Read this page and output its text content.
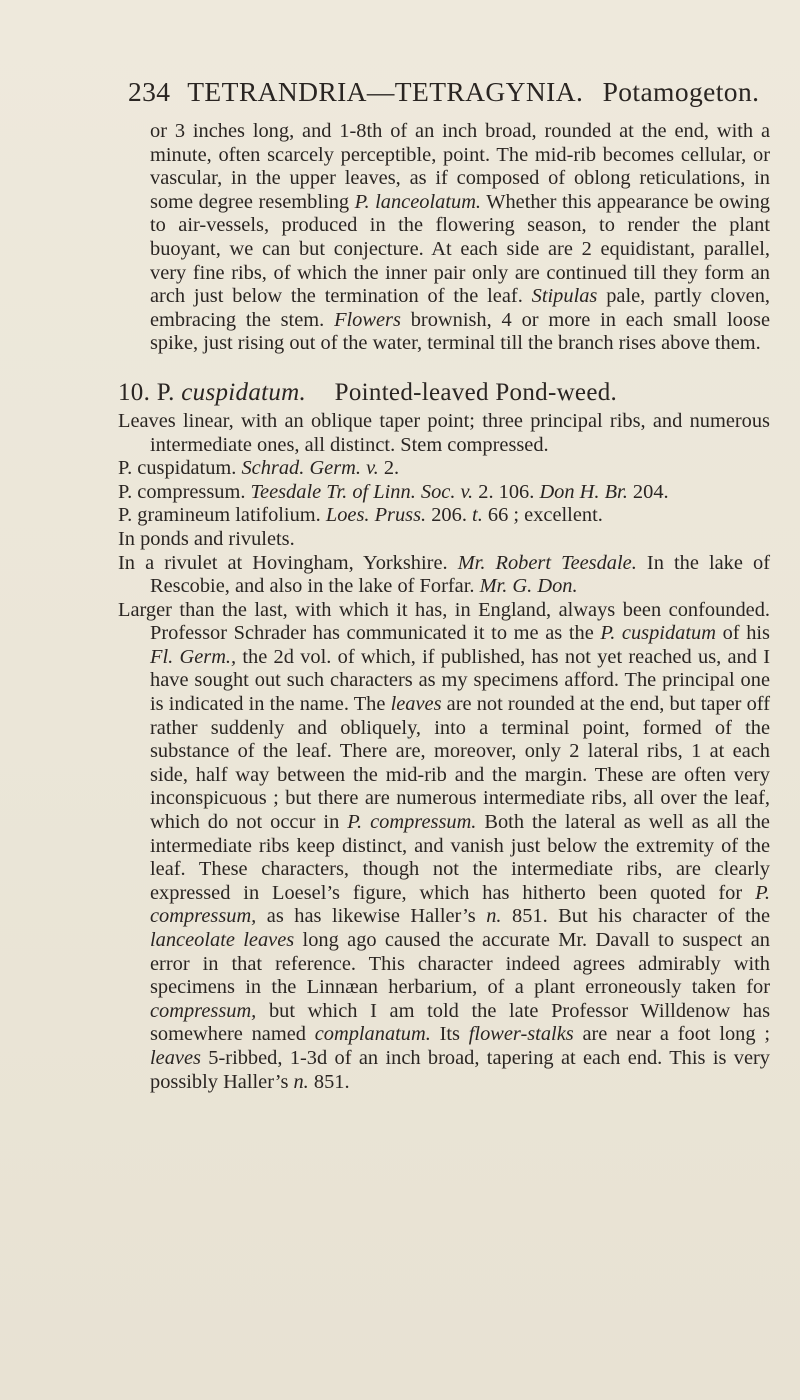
234 TETRANDRIA—TETRAGYNIA. Potamogeton.

or 3 inches long, and 1-8th of an inch broad, rounded at the end, with a minute, often scarcely perceptible, point. The mid-rib becomes cellular, or vascular, in the upper leaves, as if composed of oblong reticulations, in some degree resembling P. lanceolatum. Whether this appearance be owing to air-vessels, produced in the flowering season, to render the plant buoyant, we can but conjecture. At each side are 2 equidistant, parallel, very fine ribs, of which the inner pair only are continued till they form an arch just below the termination of the leaf. Stipulas pale, partly cloven, embracing the stem. Flowers brownish, 4 or more in each small loose spike, just rising out of the water, terminal till the branch rises above them.

10. P. cuspidatum. Pointed-leaved Pond-weed.

Leaves linear, with an oblique taper point; three principal ribs, and numerous intermediate ones, all distinct. Stem compressed.

P. cuspidatum. Schrad. Germ. v. 2.

P. compressum. Teesdale Tr. of Linn. Soc. v. 2. 106. Don H. Br. 204.

P. gramineum latifolium. Loes. Pruss. 206. t. 66 ; excellent.

In ponds and rivulets.

In a rivulet at Hovingham, Yorkshire. Mr. Robert Teesdale. In the lake of Rescobie, and also in the lake of Forfar. Mr. G. Don.

Larger than the last, with which it has, in England, always been confounded. Professor Schrader has communicated it to me as the P. cuspidatum of his Fl. Germ., the 2d vol. of which, if published, has not yet reached us, and I have sought out such characters as my specimens afford. The principal one is indicated in the name. The leaves are not rounded at the end, but taper off rather suddenly and obliquely, into a terminal point, formed of the substance of the leaf. There are, moreover, only 2 lateral ribs, 1 at each side, half way between the mid-rib and the margin. These are often very inconspicuous ; but there are numerous intermediate ribs, all over the leaf, which do not occur in P. compressum. Both the lateral as well as all the intermediate ribs keep distinct, and vanish just below the extremity of the leaf. These characters, though not the intermediate ribs, are clearly expressed in Loesel’s figure, which has hitherto been quoted for P. compressum, as has likewise Haller’s n. 851. But his character of the lanceolate leaves long ago caused the accurate Mr. Davall to suspect an error in that reference. This character indeed agrees admirably with specimens in the Linnæan herbarium, of a plant erroneously taken for compressum, but which I am told the late Professor Willdenow has somewhere named complanatum. Its flower-stalks are near a foot long ; leaves 5-ribbed, 1-3d of an inch broad, tapering at each end. This is very possibly Haller’s n. 851.
